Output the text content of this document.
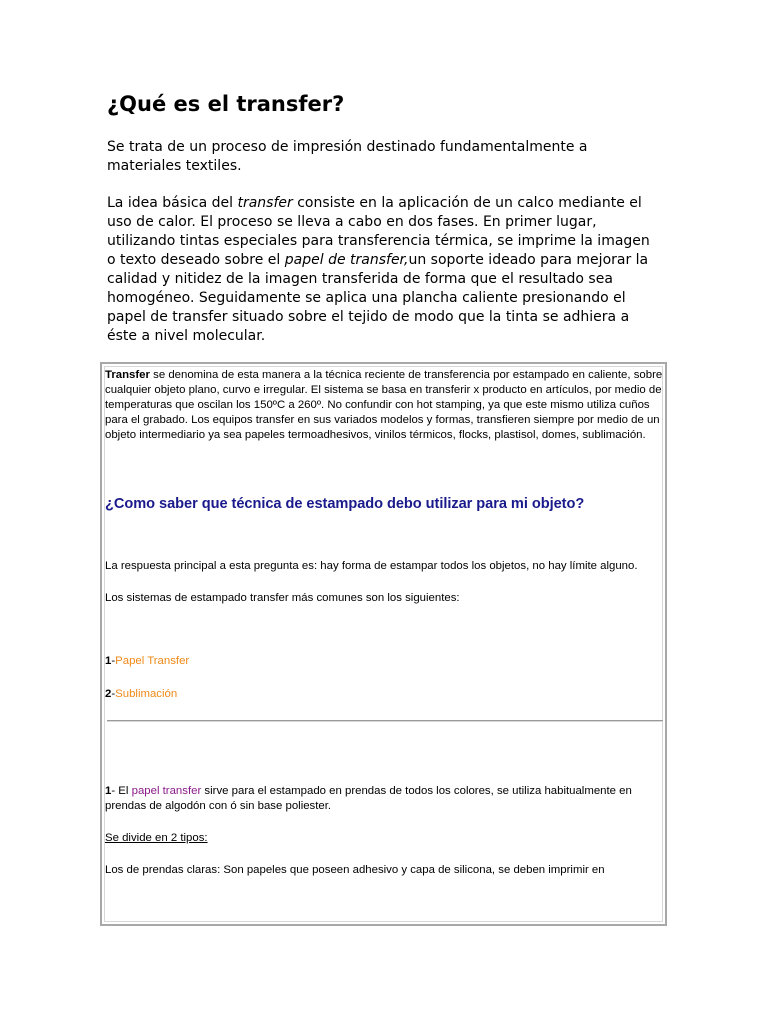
¿Qué es el transfer?

Se trata de un proceso de impresión destinado fundamentalmente a materiales textiles.

La idea básica del transfer consiste en la aplicación de un calco mediante el uso de calor. El proceso se lleva a cabo en dos fases. En primer lugar, utilizando tintas especiales para transferencia térmica, se imprime la imagen o texto deseado sobre el papel de transfer,un soporte ideado para mejorar la calidad y nitidez de la imagen transferida de forma que el resultado sea homogéneo. Seguidamente se aplica una plancha caliente presionando el papel de transfer situado sobre el tejido de modo que la tinta se adhiera a éste a nivel molecular.

Transfer se denomina de esta manera a la técnica reciente de transferencia por estampado en caliente, sobre cualquier objeto plano, curvo e irregular. El sistema se basa en transferir x producto en artículos, por medio de temperaturas que oscilan los 150ºC a 260º. No confundir con hot stamping, ya que este mismo utiliza cuños para el grabado. Los equipos transfer en sus variados modelos y formas, transfieren siempre por medio de un objeto intermediario ya sea papeles termoadhesivos, vinilos térmicos, flocks, plastisol, domes, sublimación.

¿Como saber que técnica de estampado debo utilizar para mi objeto?

La respuesta principal a esta pregunta es: hay forma de estampar todos los objetos, no hay límite alguno.

Los sistemas de estampado transfer más comunes son los siguientes:

1-Papel Transfer

2-Sublimación

1- El papel transfer sirve para el estampado en prendas de todos los colores, se utiliza habitualmente en prendas de algodón con ó sin base poliester.

Se divide en 2 tipos:

Los de prendas claras: Son papeles que poseen adhesivo y capa de silicona, se deben imprimir en
